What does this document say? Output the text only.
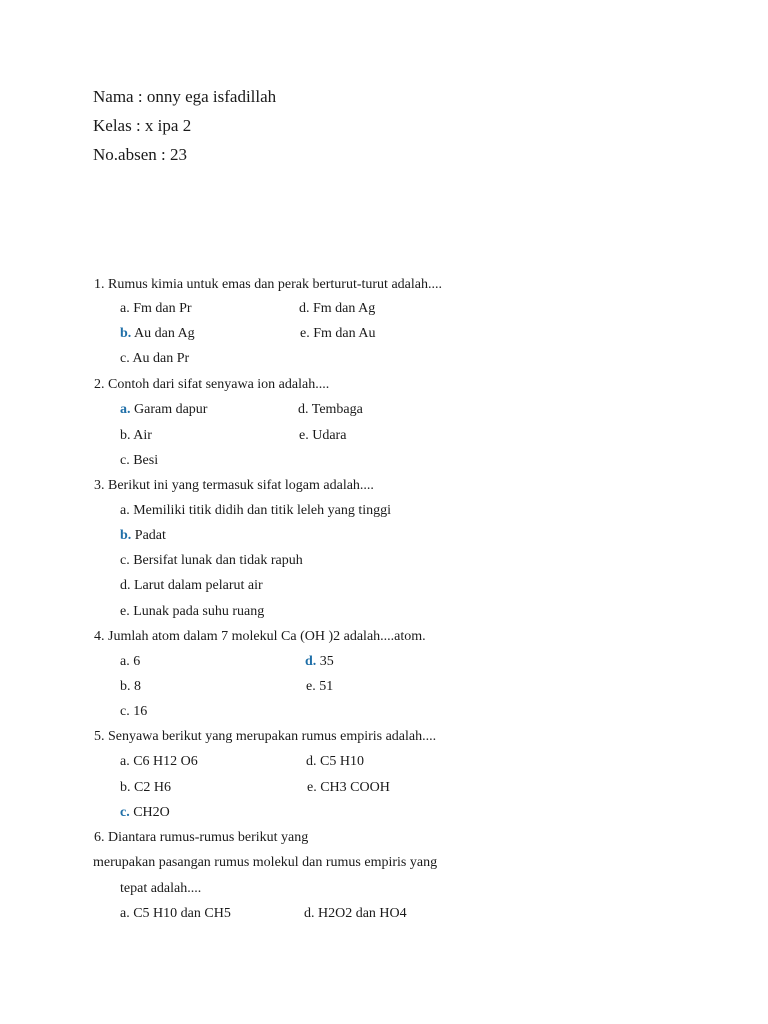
Nama : onny ega isfadillah
Kelas : x ipa 2
No.absen : 23
1. Rumus kimia untuk emas dan perak berturut-turut adalah....
a. Fm dan Pr	d. Fm dan Ag
b. Au dan Ag	e. Fm dan Au
c. Au dan Pr
2. Contoh dari sifat senyawa ion adalah....
a. Garam dapur	d. Tembaga
b. Air	e. Udara
c. Besi
3. Berikut ini yang termasuk sifat logam adalah....
a. Memiliki titik didih dan titik leleh yang tinggi
b. Padat
c. Bersifat lunak dan tidak rapuh
d. Larut dalam pelarut air
e. Lunak pada suhu ruang
4. Jumlah atom dalam 7 molekul Ca (OH )2 adalah....atom.
a. 6	d. 35
b. 8	e. 51
c. 16
5. Senyawa berikut yang merupakan rumus empiris adalah....
a. C6 H12 O6	d. C5 H10
b. C2 H6	e. CH3 COOH
c. CH2O
6. Diantara rumus-rumus berikut yang
merupakan pasangan rumus molekul dan rumus empiris yang
tepat adalah....
a. C5 H10 dan CH5	d. H2O2 dan HO4
